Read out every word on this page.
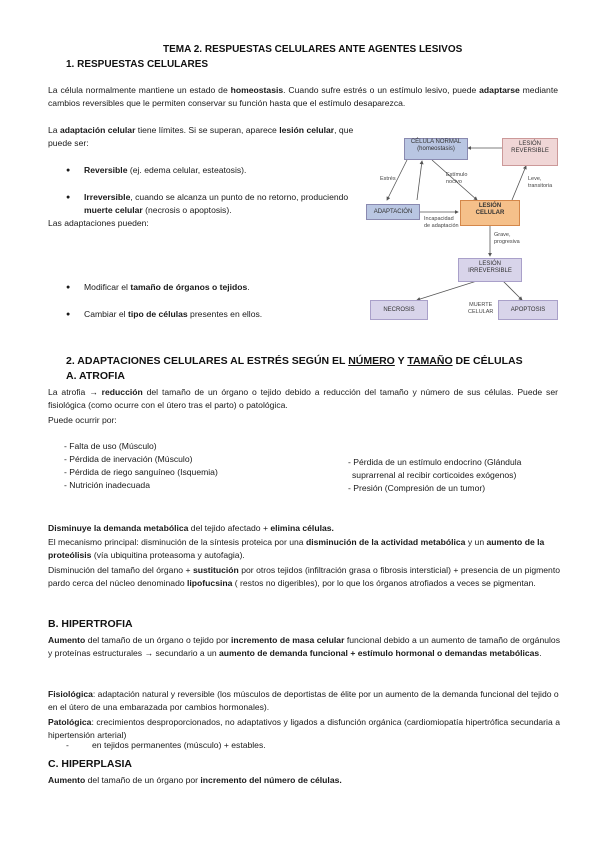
TEMA 2. RESPUESTAS CELULARES ANTE AGENTES LESIVOS
1. RESPUESTAS CELULARES
La célula normalmente mantiene un estado de homeostasis. Cuando sufre estrés o un estímulo lesivo, puede adaptarse mediante cambios reversibles que le permiten conservar su función hasta que el estímulo desaparezca.
La adaptación celular tiene límites. Si se superan, aparece lesión celular, que puede ser:
● Reversible (ej. edema celular, esteatosis).
● Irreversible, cuando se alcanza un punto de no retorno, produciendo muerte celular (necrosis o apoptosis).
Las adaptaciones pueden:
● Modificar el tamaño de órganos o tejidos.
● Cambiar el tipo de células presentes en ellos.
CÉLULA NORMAL
(homeostasis)
LESIÓN
REVERSIBLE
ADAPTACIÓN
LESIÓN
CELULAR
LESIÓN
IRREVERSIBLE
NECROSIS	APOPTOSIS
MUERTE
CELULAR
Estrés
Estímulo
nocivo	Leve,
transitoria
Incapacidad
de adaptación
Grave,
progresiva
2. ADAPTACIONES CELULARES AL ESTRÉS SEGÚN EL NÚMERO Y TAMAÑO DE CÉLULAS
A. ATROFIA
La atrofia → reducción del tamaño de un órgano o tejido debido a reducción del tamaño y número de sus células. Puede ser fisiológica (como ocurre con el útero tras el parto) o patológica.
Puede ocurrir por:
- Falta de uso (Músculo)
- Pérdida de inervación (Músculo)
- Pérdida de riego sanguíneo (Isquemia)
- Nutrición inadecuada
- Pérdida de un estímulo endocrino (Glándula
suprarrenal al recibir corticoides exógenos)
- Presión (Compresión de un tumor)
Disminuye la demanda metabólica del tejido afectado + elimina células.
El mecanismo principal: disminución de la síntesis proteica por una disminución de la actividad metabólica y un aumento de la proteólisis (vía ubiquitina proteasoma y autofagia).
Disminución del tamaño del órgano + sustitución por otros tejidos (infiltración grasa o fibrosis intersticial) + presencia de un pigmento pardo cerca del núcleo denominado lipofucsina ( restos no digeribles), por lo que los órganos atrofiados a veces se pigmentan.
B. HIPERTROFIA
Aumento del tamaño de un órgano o tejido por incremento de masa celular funcional debido a un aumento de tamaño de orgánulos y proteínas estructurales → secundario a un aumento de demanda funcional + estímulo hormonal o demandas metabólicas.
- en tejidos permanentes (músculo) + estables.
Fisiológica: adaptación natural y reversible (los músculos de deportistas de élite por un aumento de la demanda funcional del tejido o en el útero de una embarazada por cambios hormonales).
Patológica: crecimientos desproporcionados, no adaptativos y ligados a disfunción orgánica (cardiomiopatía hipertrófica secundaria a hipertensión arterial)
C. HIPERPLASIA
Aumento del tamaño de un órgano por incremento del número de células.
